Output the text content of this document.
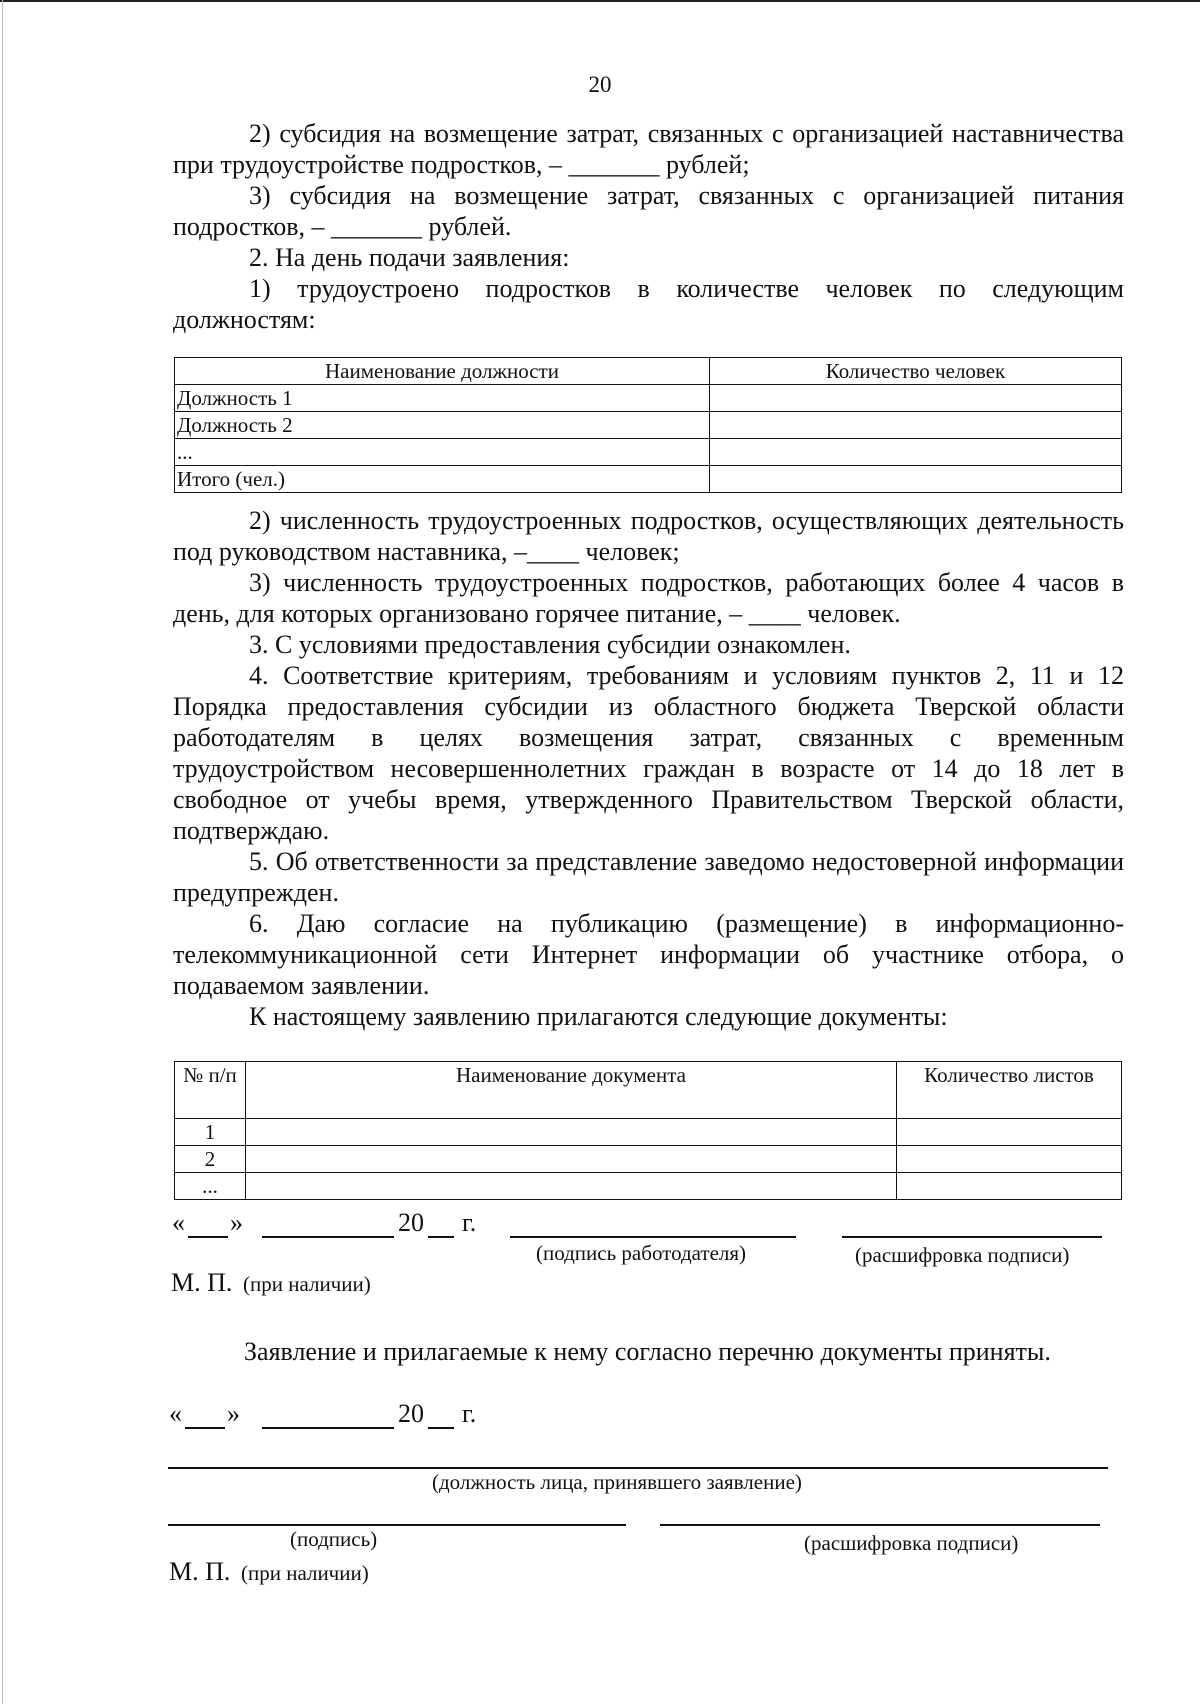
20

2) субсидия на возмещение затрат, связанных с организацией наставничества при трудоустройстве подростков, – _______ рублей;

3) субсидия на возмещение затрат, связанных с организацией питания подростков, – _______ рублей.

2. На день подачи заявления:

1) трудоустроено подростков в количестве человек по следующим должностям:

Наименование должности	Количество человек
Должность 1	
Должность 2	
...	
Итого (чел.)	

2) численность трудоустроенных подростков, осуществляющих деятельность под руководством наставника, –____ человек;

3) численность трудоустроенных подростков, работающих более 4 часов в день, для которых организовано горячее питание, – ____ человек.

3. С условиями предоставления субсидии ознакомлен.

4. Соответствие критериям, требованиям и условиям пунктов 2, 11 и 12 Порядка предоставления субсидии из областного бюджета Тверской области работодателям в целях возмещения затрат, связанных с временным трудоустройством несовершеннолетних граждан в возрасте от 14 до 18 лет в свободное от учебы время, утвержденного Правительством Тверской области, подтверждаю.

5. Об ответственности за представление заведомо недостоверной информации предупрежден.

6. Даю согласие на публикацию (размещение) в информационно-телекоммуникационной сети Интернет информации об участнике отбора, о подаваемом заявлении.

К настоящему заявлению прилагаются следующие документы:

№ п/п	Наименование документа	Количество листов
1		
2		
...		
« »	20 г.
(подпись работодателя)	(расшифровка подписи)
М. П. (при наличии)
Заявление и прилагаемые к нему согласно перечню документы приняты.
« »	20 г.
(должность лица, принявшего заявление)
(подпись)	(расшифровка подписи)
М. П. (при наличии)
